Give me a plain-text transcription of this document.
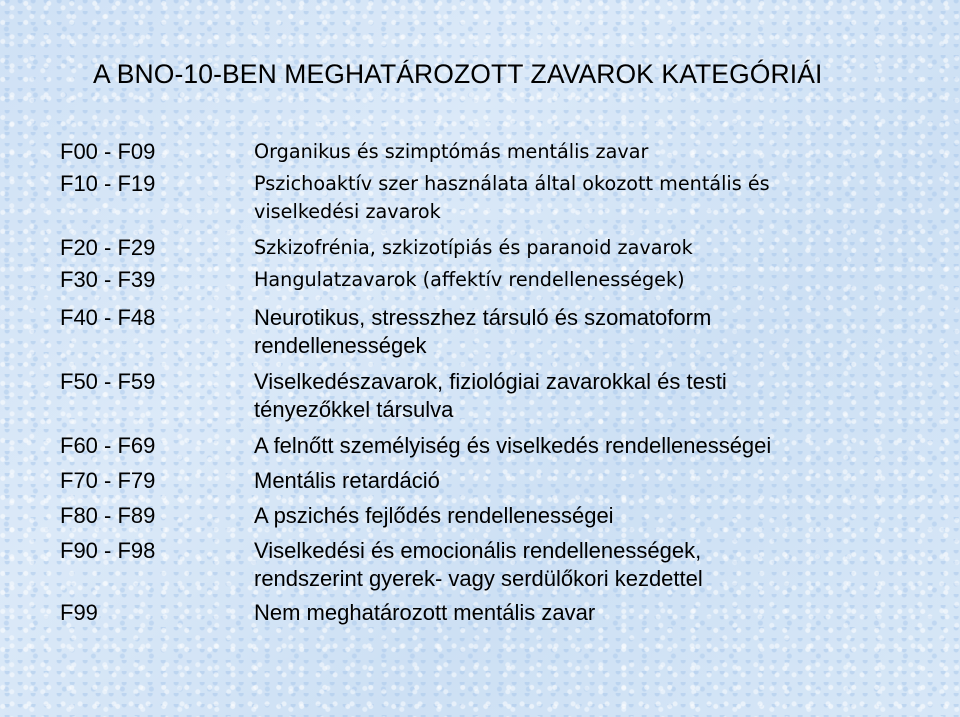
A BNO-10-BEN MEGHATÁROZOTT ZAVAROK KATEGÓRIÁI
F00 - F09	Organikus és szimptómás mentális zavar
F10 - F19	Pszichoaktív szer használata által okozott mentális és
viselkedési zavarok
F20 - F29	Szkizofrénia, szkizotípiás és paranoid zavarok
F30 - F39	Hangulatzavarok (affektív rendellenességek)
F40 - F48	Neurotikus, stresszhez társuló és szomatoform
rendellenességek
F50 - F59	Viselkedészavarok, fiziológiai zavarokkal és testi
tényezőkkel társulva
F60 - F69	A felnőtt személyiség és viselkedés rendellenességei
F70 - F79	Mentális retardáció
F80 - F89	A pszichés fejlődés rendellenességei
F90 - F98	Viselkedési és emocionális rendellenességek,
rendszerint gyerek- vagy serdülőkori kezdettel
F99	Nem meghatározott mentális zavar
